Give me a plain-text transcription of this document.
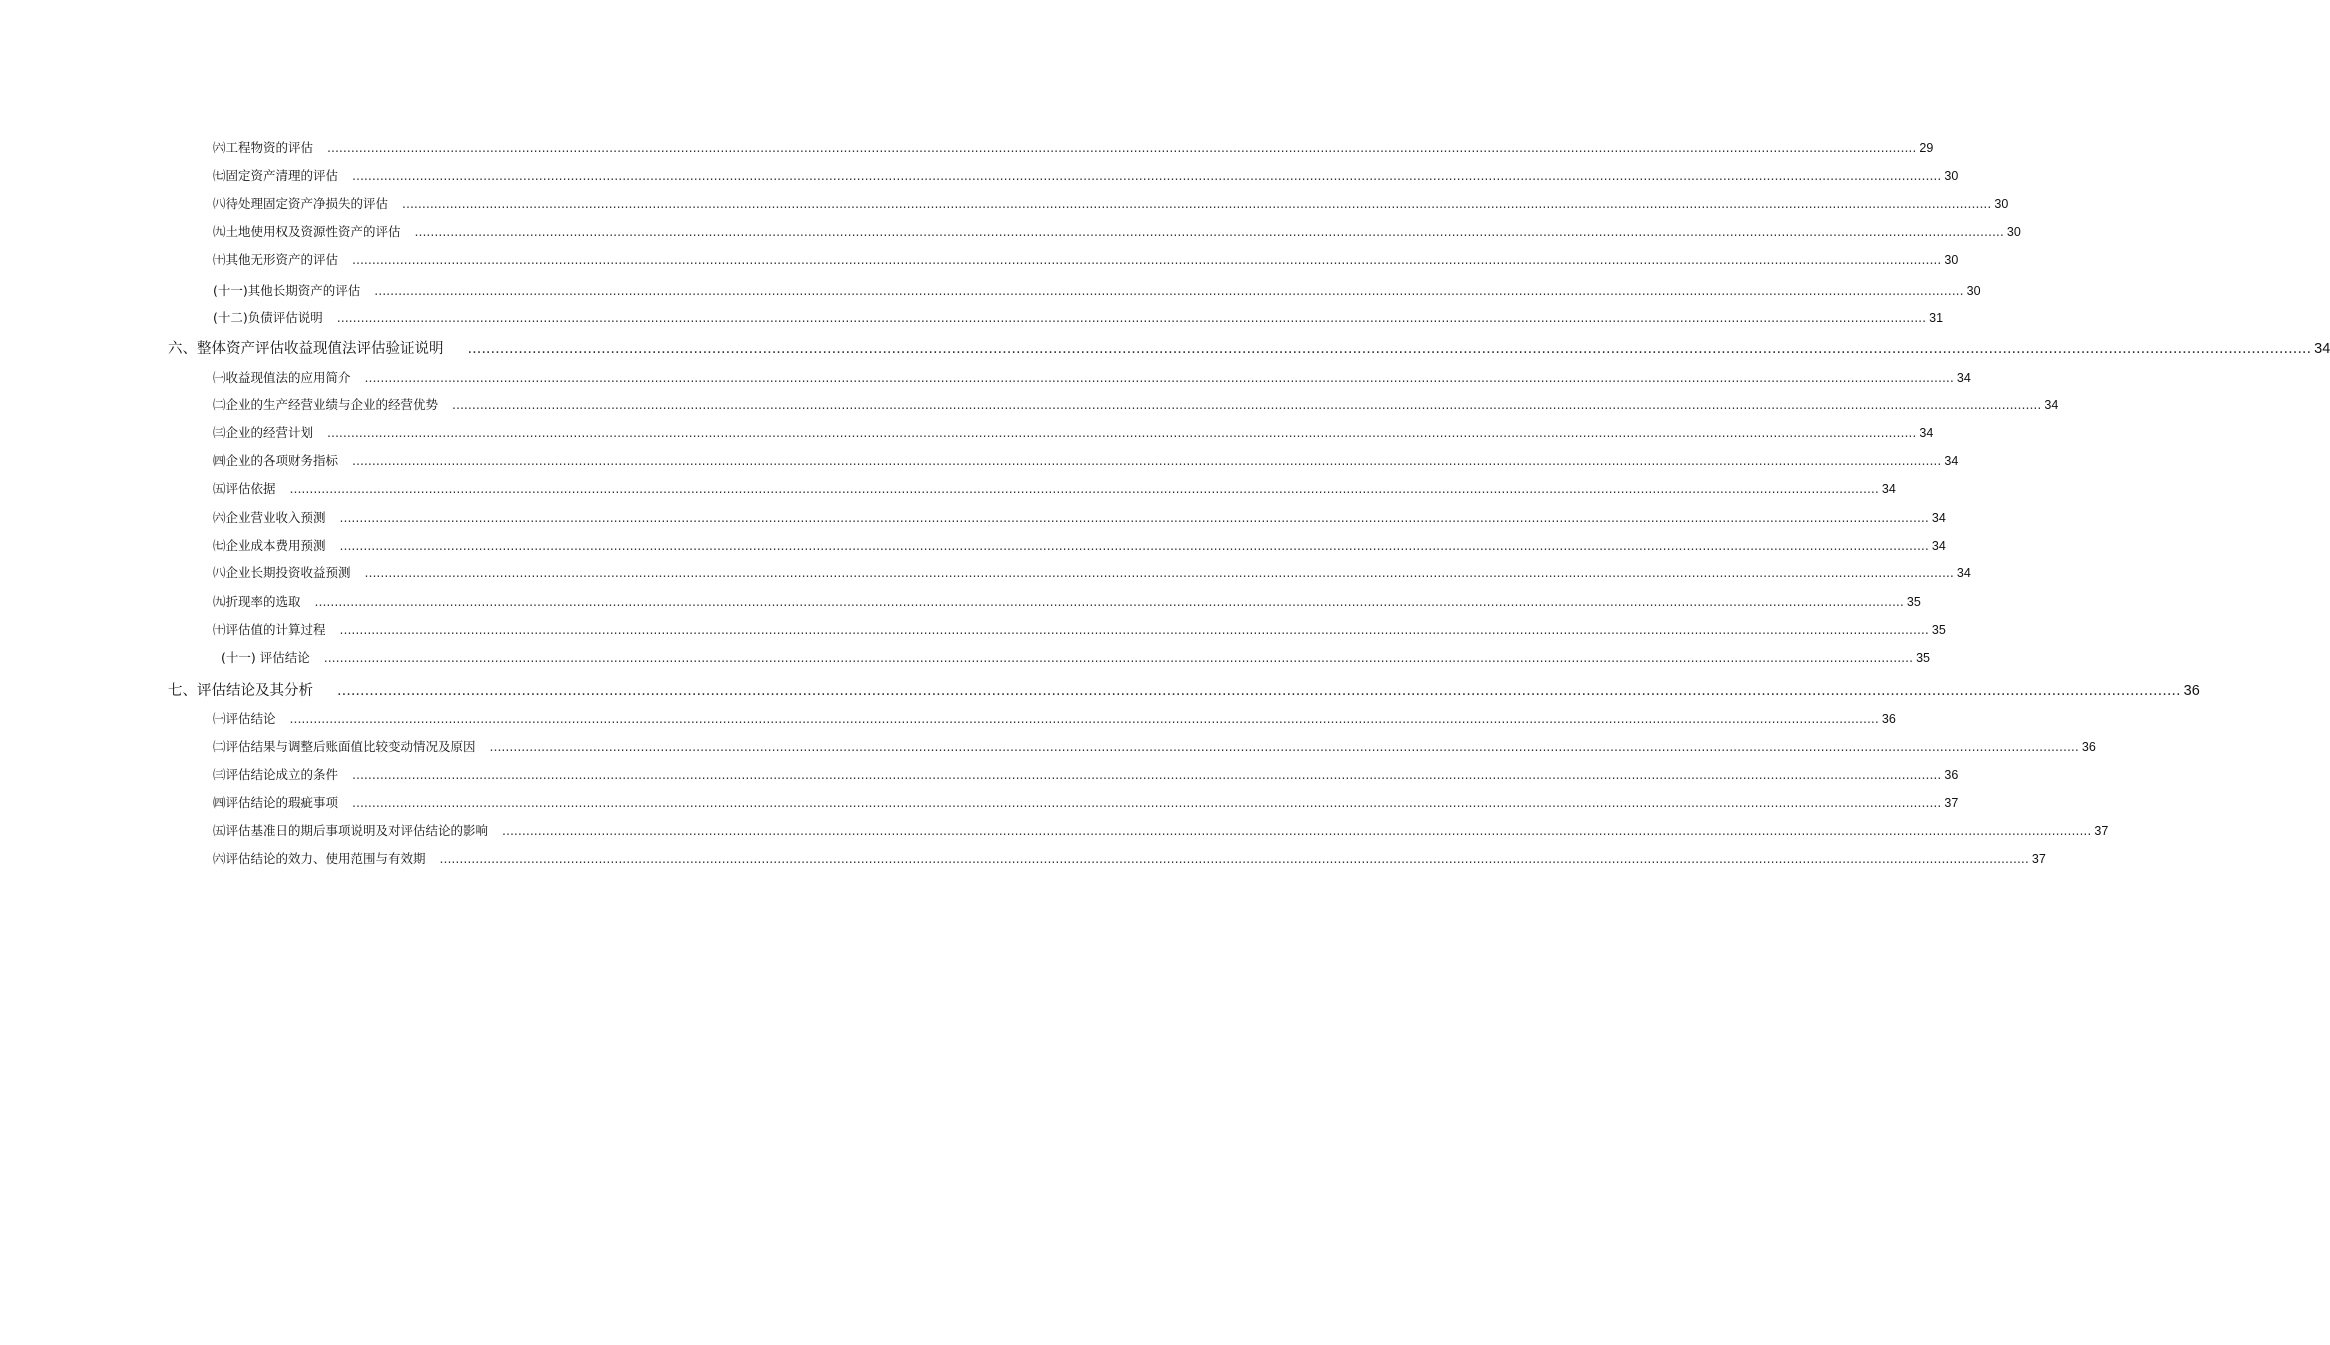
㈥工程物资的评估 ................................................................................................................................................................................................................................................................................................................................................................................................................ 29
㈦固定资产清理的评估 ................................................................................................................................................................................................................................................................................................................................................................................................................ 30
㈧待处理固定资产净损失的评估 ................................................................................................................................................................................................................................................................................................................................................................................................................ 30
㈨土地使用权及资源性资产的评估 ................................................................................................................................................................................................................................................................................................................................................................................................................ 30
㈩其他无形资产的评估 ................................................................................................................................................................................................................................................................................................................................................................................................................ 30
(十一)其他长期资产的评估 ................................................................................................................................................................................................................................................................................................................................................................................................................ 30
(十二)负债评估说明 ................................................................................................................................................................................................................................................................................................................................................................................................................ 31
六、整体资产评估收益现值法评估验证说明 ................................................................................................................................................................................................................................................................................................................................................................................................................ 34
㈠收益现值法的应用简介 ................................................................................................................................................................................................................................................................................................................................................................................................................ 34
㈡企业的生产经营业绩与企业的经营优势 ................................................................................................................................................................................................................................................................................................................................................................................................................ 34
㈢企业的经营计划 ................................................................................................................................................................................................................................................................................................................................................................................................................ 34
㈣企业的各项财务指标 ................................................................................................................................................................................................................................................................................................................................................................................................................ 34
㈤评估依据 ................................................................................................................................................................................................................................................................................................................................................................................................................ 34
㈥企业营业收入预测 ................................................................................................................................................................................................................................................................................................................................................................................................................ 34
㈦企业成本费用预测 ................................................................................................................................................................................................................................................................................................................................................................................................................ 34
㈧企业长期投资收益预测 ................................................................................................................................................................................................................................................................................................................................................................................................................ 34
㈨折现率的选取 ................................................................................................................................................................................................................................................................................................................................................................................................................ 35
㈩评估值的计算过程 ................................................................................................................................................................................................................................................................................................................................................................................................................ 35
(十一) 评估结论 ................................................................................................................................................................................................................................................................................................................................................................................................................ 35
七、评估结论及其分析 ................................................................................................................................................................................................................................................................................................................................................................................................................ 36
㈠评估结论 ................................................................................................................................................................................................................................................................................................................................................................................................................ 36
㈡评估结果与调整后账面值比较变动情况及原因 ................................................................................................................................................................................................................................................................................................................................................................................................................ 36
㈢评估结论成立的条件 ................................................................................................................................................................................................................................................................................................................................................................................................................ 36
㈣评估结论的瑕疵事项 ................................................................................................................................................................................................................................................................................................................................................................................................................ 37
㈤评估基准日的期后事项说明及对评估结论的影响 ................................................................................................................................................................................................................................................................................................................................................................................................................ 37
㈥评估结论的效力、使用范围与有效期 ................................................................................................................................................................................................................................................................................................................................................................................................................ 37
